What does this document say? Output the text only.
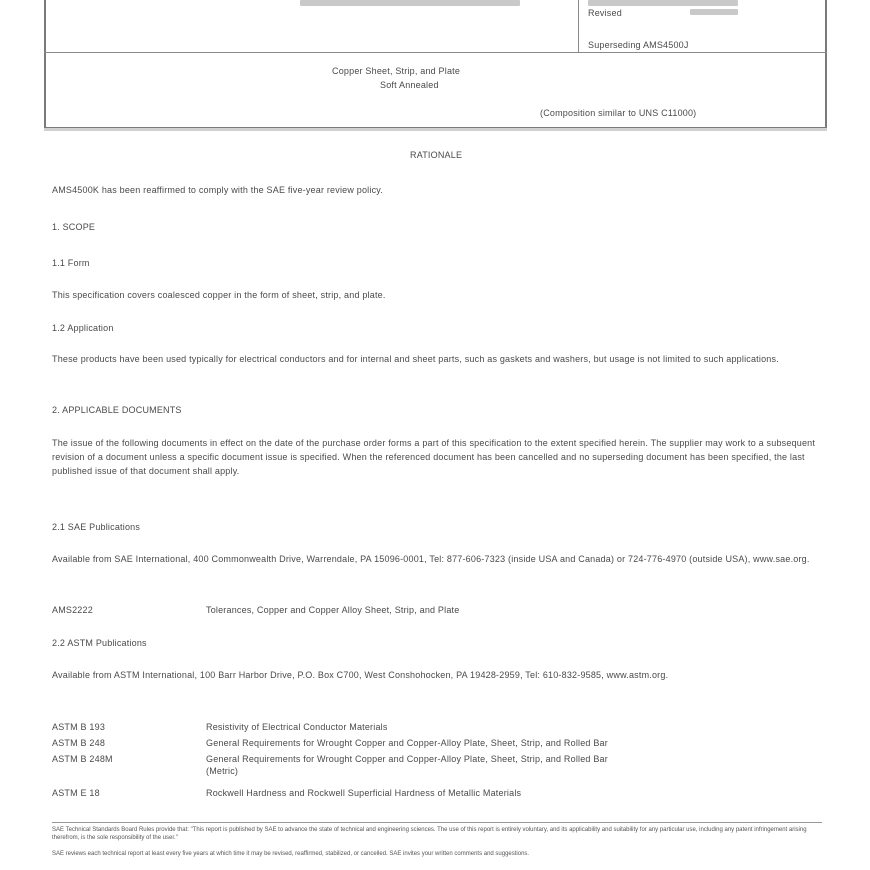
Revised
Superseding AMS4500J
Copper Sheet, Strip, and Plate
Soft Annealed
(Composition similar to UNS C11000)
RATIONALE
AMS4500K has been reaffirmed to comply with the SAE five-year review policy.
1. SCOPE
1.1 Form
This specification covers coalesced copper in the form of sheet, strip, and plate.
1.2 Application
These products have been used typically for electrical conductors and for internal and sheet parts, such as gaskets and washers, but usage is not limited to such applications.
2. APPLICABLE DOCUMENTS
The issue of the following documents in effect on the date of the purchase order forms a part of this specification to the extent specified herein. The supplier may work to a subsequent revision of a document unless a specific document issue is specified. When the referenced document has been cancelled and no superseding document has been specified, the last published issue of that document shall apply.
2.1 SAE Publications
Available from SAE International, 400 Commonwealth Drive, Warrendale, PA 15096-0001, Tel: 877-606-7323 (inside USA and Canada) or 724-776-4970 (outside USA), www.sae.org.
AMS2222	Tolerances, Copper and Copper Alloy Sheet, Strip, and Plate
2.2 ASTM Publications
Available from ASTM International, 100 Barr Harbor Drive, P.O. Box C700, West Conshohocken, PA 19428-2959, Tel: 610-832-9585, www.astm.org.
ASTM B 193	Resistivity of Electrical Conductor Materials
ASTM B 248	General Requirements for Wrought Copper and Copper-Alloy Plate, Sheet, Strip, and Rolled Bar
ASTM B 248M	General Requirements for Wrought Copper and Copper-Alloy Plate, Sheet, Strip, and Rolled Bar
(Metric)
ASTM E 18	Rockwell Hardness and Rockwell Superficial Hardness of Metallic Materials
SAE Technical Standards Board Rules provide that: "This report is published by SAE to advance the state of technical and engineering sciences. The use of this report is entirely voluntary, and its applicability and suitability for any particular use, including any patent infringement arising therefrom, is the sole responsibility of the user."
SAE reviews each technical report at least every five years at which time it may be revised, reaffirmed, stabilized, or cancelled. SAE invites your written comments and suggestions.
